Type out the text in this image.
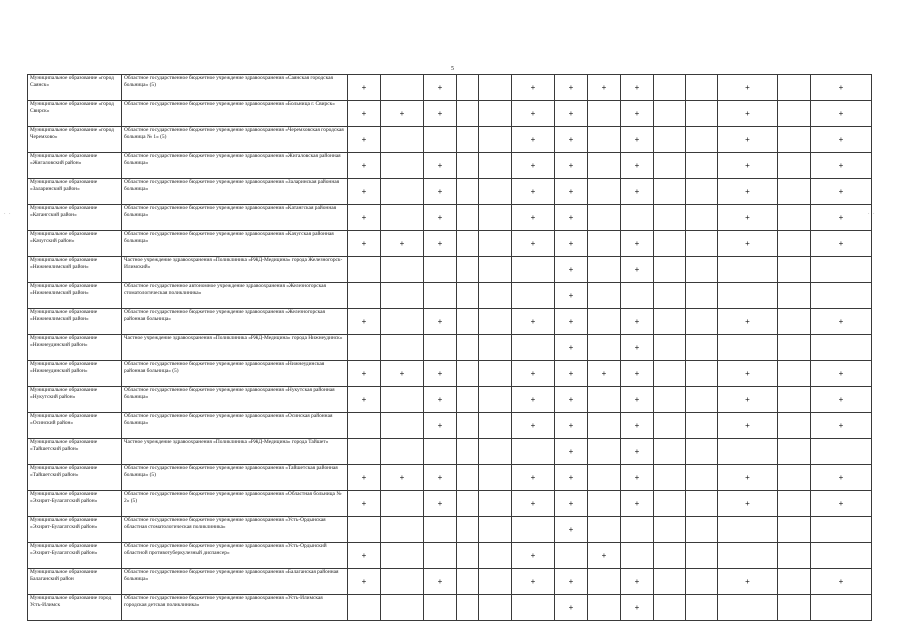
5
Муниципальное образование «город Саянск»	Областное государственное бюджетное учреждение здравоохранения «Саянская городская больница» (5)	+		+			+	+	+	+			+		+
Муниципальное образование «город Свирск»	Областное государственное бюджетное учреждение здравоохранения «Больница г. Свирск»	+	+	+			+	+		+			+		+
Муниципальное образование «город Черемхово»	Областное государственное бюджетное учреждение здравоохранения «Черемховская городская больница № 1» (5)	+					+	+		+			+		+
Муниципальное образование «Жигаловский район»	Областное государственное бюджетное учреждение здравоохранения «Жигаловская районная больница»	+		+			+	+		+			+		+
Муниципальное образование «Заларинский район»	Областное государственное бюджетное учреждение здравоохранения «Заларинская районная больница»	+		+			+	+		+			+		+
Муниципальное образование «Катангский район»	Областное государственное бюджетное учреждение здравоохранения «Катангская районная больница»	+		+			+	+					+		+
Муниципальное образование «Качугский район»	Областное государственное бюджетное учреждение здравоохранения «Качугская районная больница»	+	+	+			+	+		+			+		+
Муниципальное образование «Нижнеилимский район»	Частное учреждение здравоохранения «Поликлиника «РЖД-Медицина» города Железногорск-Илимский»							+		+					
Муниципальное образование «Нижнеилимский район»	Областное государственное автономное учреждение здравоохранения «Железногорская стоматологическая поликлиника»							+							
Муниципальное образование «Нижнеилимский район»	Областное государственное бюджетное учреждение здравоохранения «Железногорская районная больница»	+		+			+	+		+			+		+
Муниципальное образование «Нижнеудинский район»	Частное учреждение здравоохранения «Поликлиника «РЖД-Медицина» города Нижнеудинск»							+		+					
Муниципальное образование «Нижнеудинский район»	Областное государственное бюджетное учреждение здравоохранения «Нижнеудинская районная больница» (5)	+	+	+			+	+	+	+			+		+
Муниципальное образование «Нукутский район»	Областное государственное бюджетное учреждение здравоохранения «Нукутская районная больница»	+		+			+	+		+			+		+
Муниципальное образование «Осинский район»	Областное государственное бюджетное учреждение здравоохранения «Осинская районная больница»			+			+	+		+			+		+
Муниципальное образование «Тайшетский район»	Частное учреждение здравоохранения «Поликлиника «РЖД-Медицина» города Тайшет»							+		+					
Муниципальное образование «Тайшетский район»	Областное государственное бюджетное учреждение здравоохранения «Тайшетская районная больница» (5)	+	+	+			+	+		+			+		+
Муниципальное образование «Эхирит-Булагатский район»	Областное государственное бюджетное учреждение здравоохранения «Областная больница № 2» (5)	+		+			+	+		+			+		+
Муниципальное образование «Эхирит-Булагатский район»	Областное государственное бюджетное учреждение здравоохранения «Усть-Ордынская областная стоматологическая поликлиника»							+							
Муниципальное образование «Эхирит-Булагатский район»	Областное государственное бюджетное учреждение здравоохранения «Усть-Ордынский областной противотуберкулезный диспансер»	+					+		+						
Муниципальное образование Балаганский район	Областное государственное бюджетное учреждение здравоохранения «Балаганская районная больница»	+		+			+	+		+			+		+
Муниципальное образование город Усть-Илимск	Областное государственное бюджетное учреждение здравоохранения «Усть-Илимская городская детская поликлиника»							+		+					
. .	. .
